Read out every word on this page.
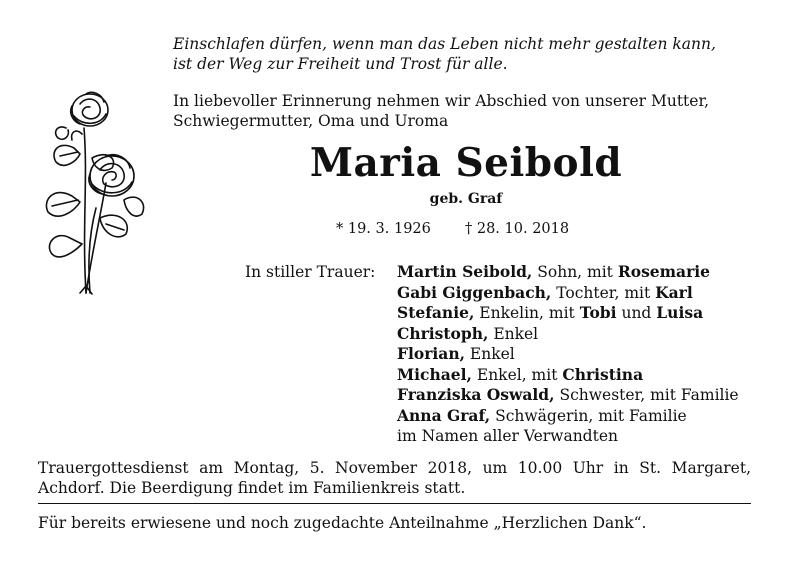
Einschlafen dürfen, wenn man das Leben nicht mehr gestalten kann,
ist der Weg zur Freiheit und Trost für alle.
In liebevoller Erinnerung nehmen wir Abschied von unserer Mutter,
Schwiegermutter, Oma und Uroma
Maria Seibold
geb. Graf
* 19. 3. 1926 † 28. 10. 2018
In stiller Trauer: Martin Seibold, Sohn, mit Rosemarie
Gabi Giggenbach, Tochter, mit Karl
Stefanie, Enkelin, mit Tobi und Luisa
Christoph, Enkel
Florian, Enkel
Michael, Enkel, mit Christina
Franziska Oswald, Schwester, mit Familie
Anna Graf, Schwägerin, mit Familie
im Namen aller Verwandten
Trauergottesdienst am Montag, 5. November 2018, um 10.00 Uhr in St. Margaret, Achdorf. Die Beerdigung findet im Familienkreis statt.
Für bereits erwiesene und noch zugedachte Anteilnahme „Herzlichen Dank“.
